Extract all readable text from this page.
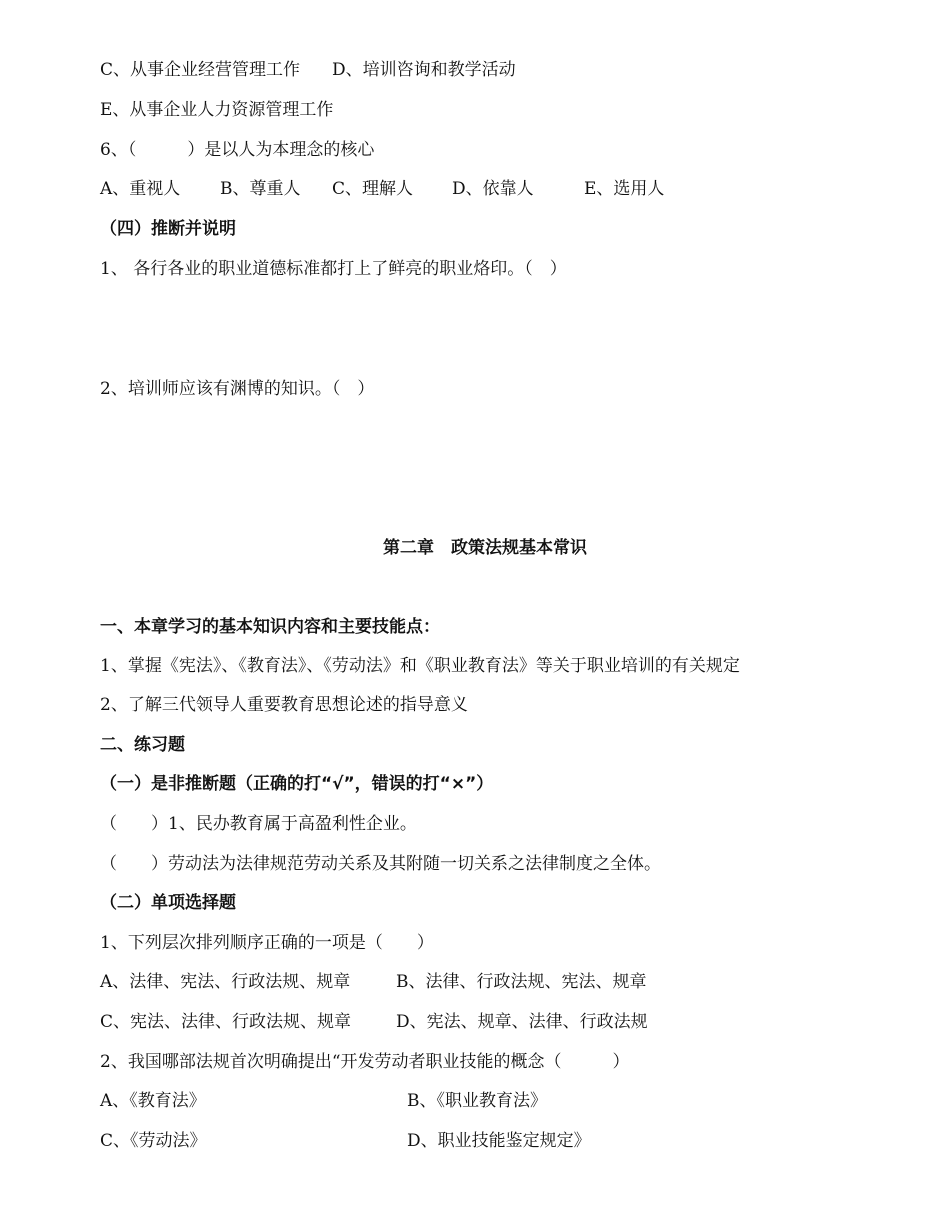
C、从事企业经营管理工作 D、培训咨询和教学活动
E、从事企业人力资源管理工作
6、（　　　）是以人为本理念的核心
A、重视人 B、尊重人 C、理解人 D、依靠人	E、选用人
（四）推断并说明
1、 各行各业的职业道德标准都打上了鲜亮的职业烙印。（　）
2、培训师应该有渊博的知识。（　）
第二章　政策法规基本常识
一、本章学习的基本知识内容和主要技能点：
1、掌握《宪法》、《教育法》、《劳动法》和《职业教育法》等关于职业培训的有关规定
2、了解三代领导人重要教育思想论述的指导意义
二、练习题
（一）是非推断题（正确的打“√”，错误的打“×”）
（　　）1、民办教育属于高盈利性企业。
（　　）劳动法为法律规范劳动关系及其附随一切关系之法律制度之全体。
（二）单项选择题
1、下列层次排列顺序正确的一项是（　　）
A、法律、宪法、行政法规、规章	B、法律、行政法规、宪法、规章
C、宪法、法律、行政法规、规章	D、宪法、规章、法律、行政法规
2、我国哪部法规首次明确提出“开发劳动者职业技能的概念（　　　）
A、《教育法》	B、《职业教育法》
C、《劳动法》	D、职业技能鉴定规定》
